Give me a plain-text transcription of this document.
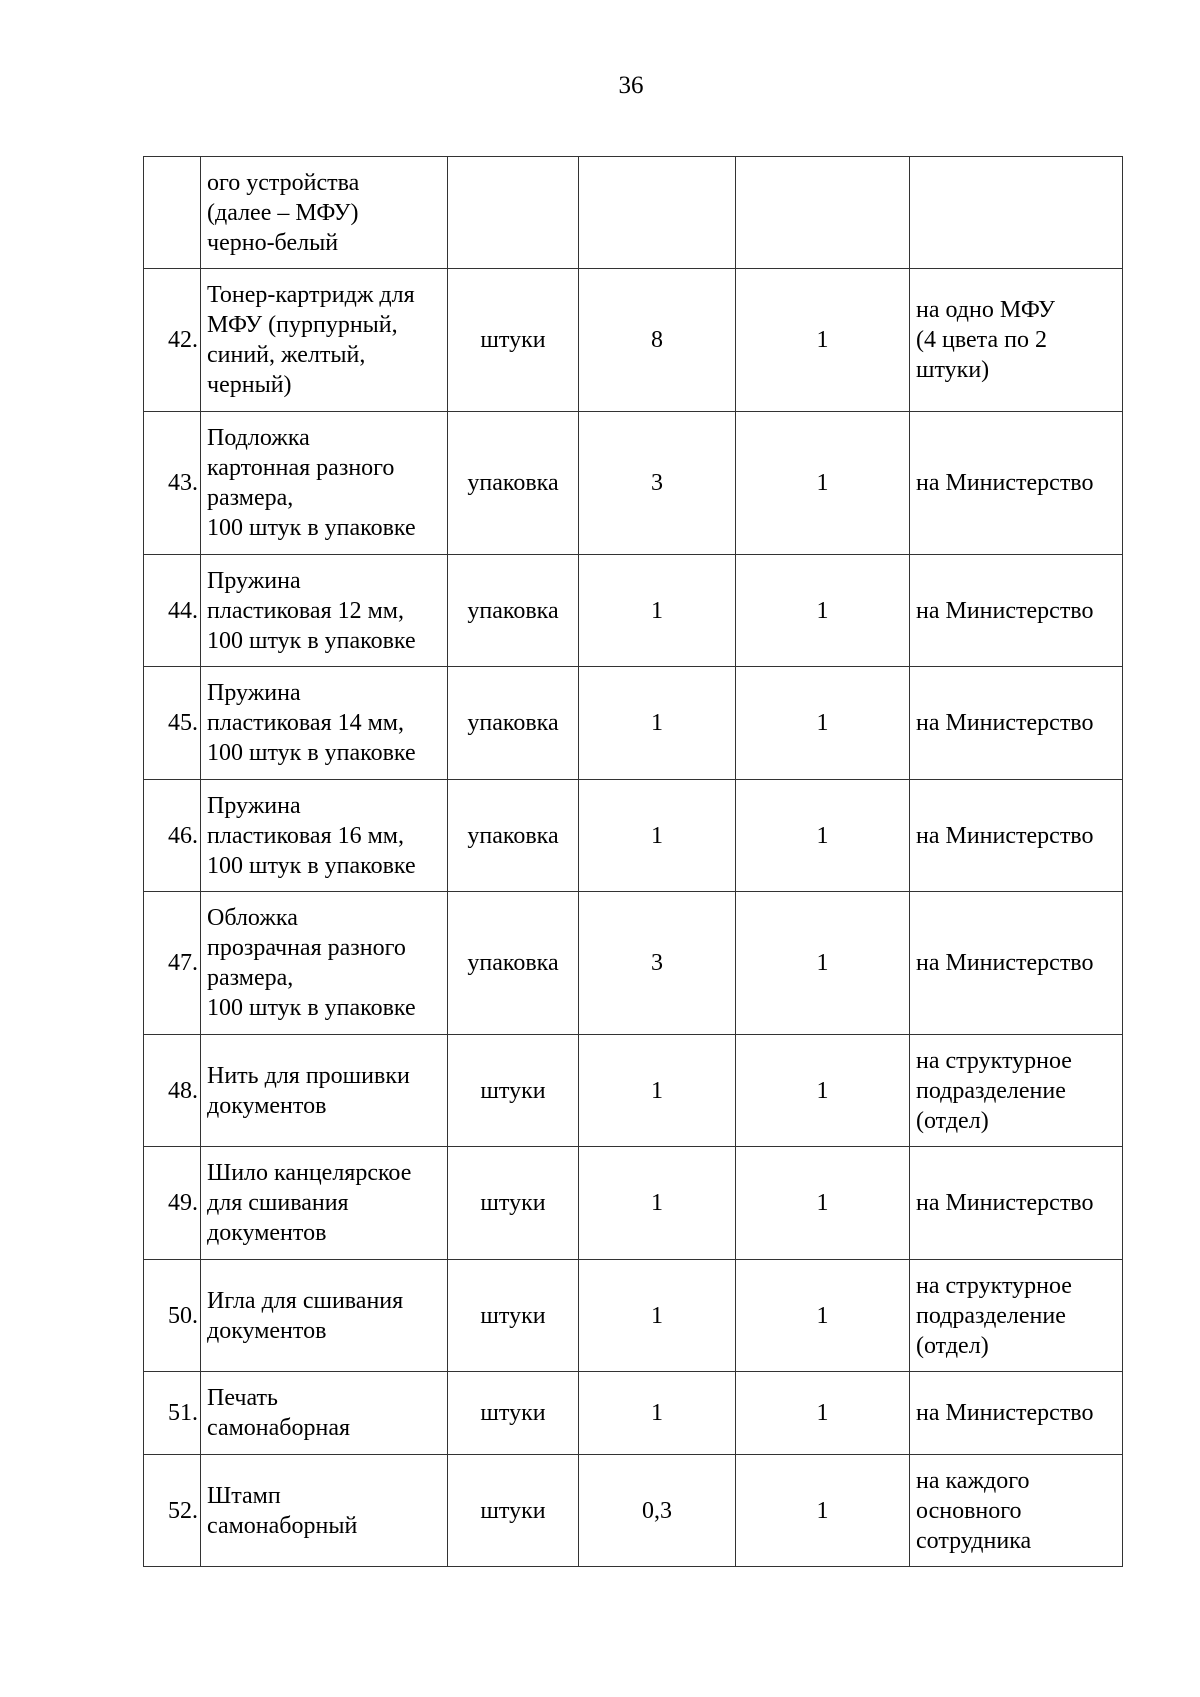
36

	ого устройства
(далее – МФУ)
черно-белый				

42.	Тонер-картридж для
МФУ (пурпурный,
синий, желтый,
черный)	штуки	8	1	на одно МФУ
(4 цвета по 2
штуки)

43.	Подложка
картонная разного
размера,
100 штук в упаковке	упаковка	3	1	на Министерство

44.	Пружина
пластиковая 12 мм,
100 штук в упаковке	упаковка	1	1	на Министерство

45.	Пружина
пластиковая 14 мм,
100 штук в упаковке	упаковка	1	1	на Министерство

46.	Пружина
пластиковая 16 мм,
100 штук в упаковке	упаковка	1	1	на Министерство

47.	Обложка
прозрачная разного
размера,
100 штук в упаковке	упаковка	3	1	на Министерство

48.	Нить для прошивки
документов	штуки	1	1	на структурное
подразделение
(отдел)

49.	Шило канцелярское
для сшивания
документов	штуки	1	1	на Министерство

50.	Игла для сшивания
документов	штуки	1	1	на структурное
подразделение
(отдел)

51.	Печать
самонаборная	штуки	1	1	на Министерство

52.	Штамп
самонаборный	штуки	0,3	1	на каждого
основного
сотрудника
